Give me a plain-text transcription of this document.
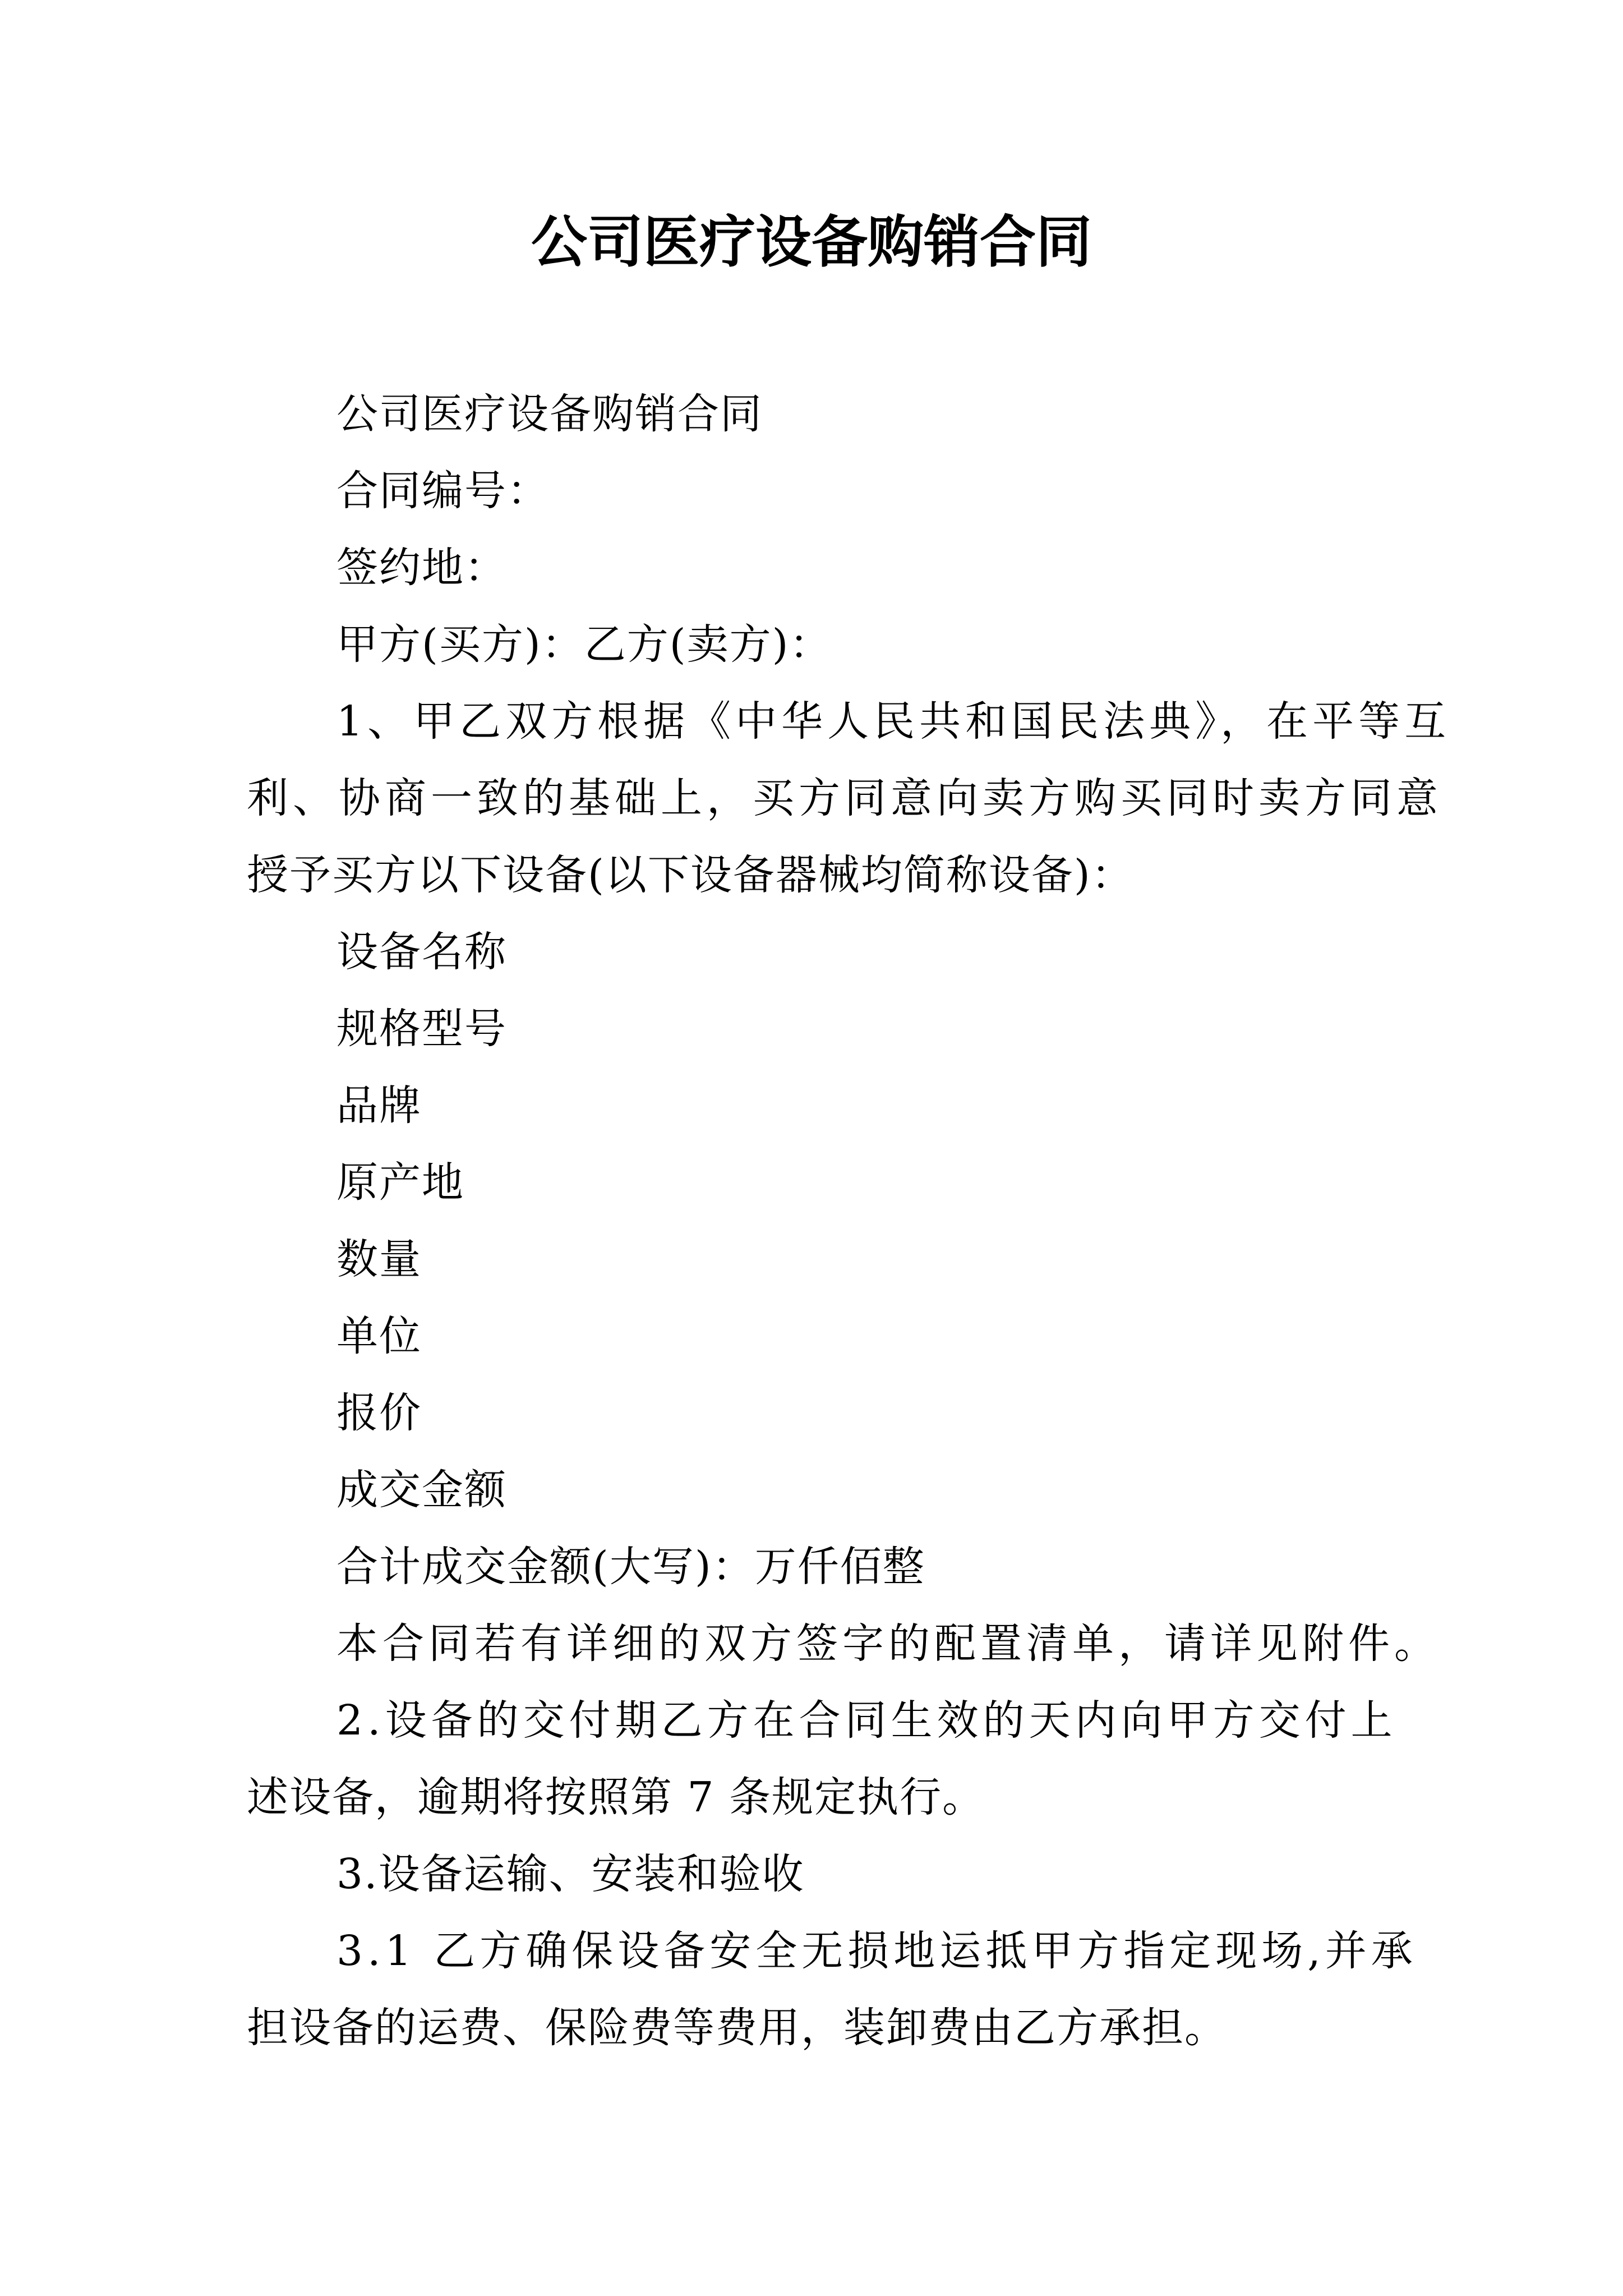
公司医疗设备购销合同

公司医疗设备购销合同

合同编号：

签约地：

甲方(买方)：乙方(卖方)：

1、甲乙双方根据《中华人民共和国民法典》，在平等互

利、协商一致的基础上，买方同意向卖方购买同时卖方同意

授予买方以下设备(以下设备器械均简称设备)：

设备名称

规格型号

品牌

原产地

数量

单位

报价

成交金额

合计成交金额(大写)：万仟佰整

本合同若有详细的双方签字的配置清单，请详见附件。

2.设备的交付期乙方在合同生效的天内向甲方交付上

述设备，逾期将按照第 7 条规定执行。

3.设备运输、安装和验收

3.1 乙方确保设备安全无损地运抵甲方指定现场,并承

担设备的运费、保险费等费用，装卸费由乙方承担。
